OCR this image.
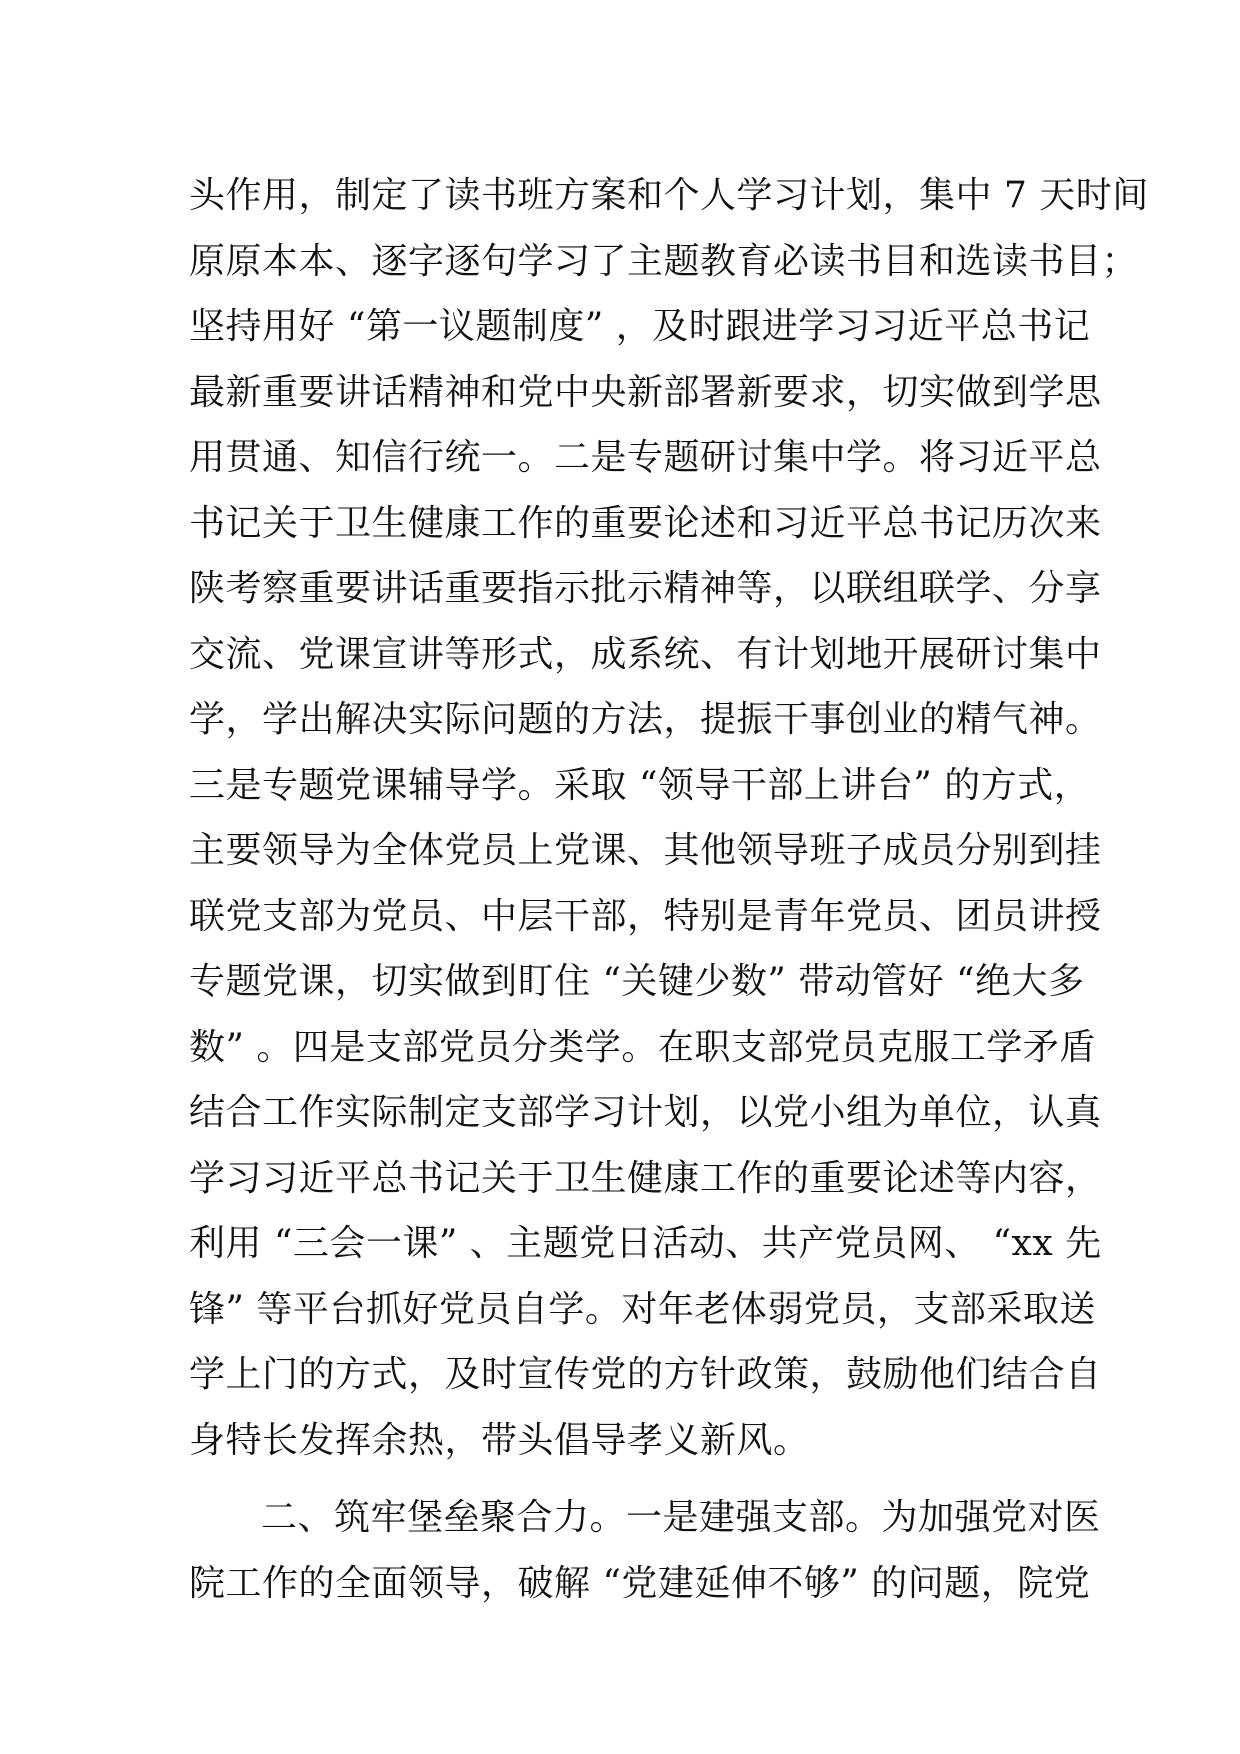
头作用，制定了读书班方案和个人学习计划，集中 7 天时间
原原本本、逐字逐句学习了主题教育必读书目和选读书目；
坚持用好 “第一议题制度” ，及时跟进学习习近平总书记
最新重要讲话精神和党中央新部署新要求，切实做到学思
用贯通、知信行统一。二是专题研讨集中学。将习近平总
书记关于卫生健康工作的重要论述和习近平总书记历次来
陕考察重要讲话重要指示批示精神等，以联组联学、分享
交流、党课宣讲等形式，成系统、有计划地开展研讨集中
学，学出解决实际问题的方法，提振干事创业的精气神。
三是专题党课辅导学。采取 “领导干部上讲台” 的方式，
主要领导为全体党员上党课、其他领导班子成员分别到挂
联党支部为党员、中层干部，特别是青年党员、团员讲授
专题党课，切实做到盯住 “关键少数” 带动管好 “绝大多
数” 。四是支部党员分类学。在职支部党员克服工学矛盾
结合工作实际制定支部学习计划，以党小组为单位，认真
学习习近平总书记关于卫生健康工作的重要论述等内容，
利用 “三会一课” 、主题党日活动、共产党员网、 “xx 先
锋” 等平台抓好党员自学。对年老体弱党员，支部采取送
学上门的方式，及时宣传党的方针政策，鼓励他们结合自
身特长发挥余热，带头倡导孝义新风。
二、筑牢堡垒聚合力。一是建强支部。为加强党对医
院工作的全面领导，破解 “党建延伸不够” 的问题，院党
